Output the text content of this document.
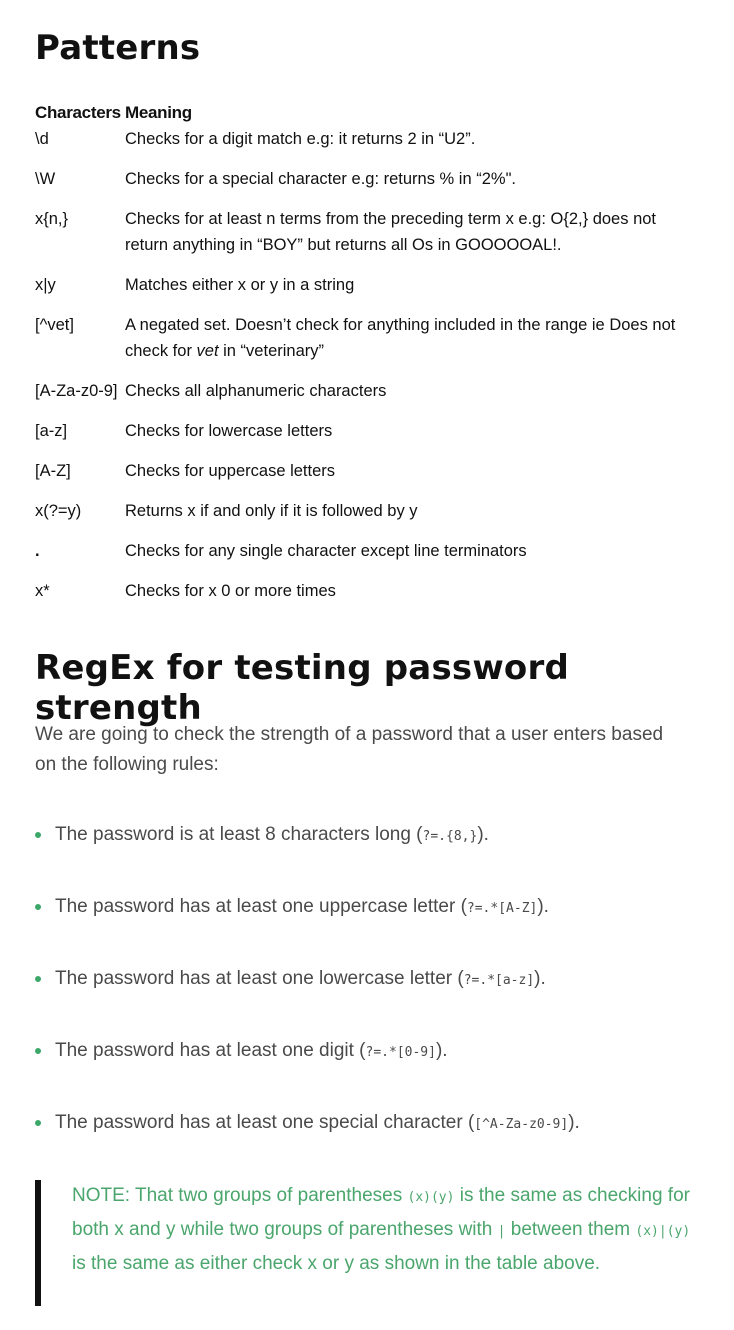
Patterns
Characters	Meaning
\d	Checks for a digit match e.g: it returns 2 in “U2”.
\W	Checks for a special character e.g: returns % in “2%".
x{n,}	Checks for at least n terms from the preceding term x e.g: O{2,} does not return anything in “BOY” but returns all Os in GOOOOOAL!.
x|y	Matches either x or y in a string
[^vet]	A negated set. Doesn’t check for anything included in the range ie Does not check for vet in “veterinary”
[A-Za-z0-9]	Checks all alphanumeric characters
[a-z]	Checks for lowercase letters
[A-Z]	Checks for uppercase letters
x(?=y)	Returns x if and only if it is followed by y
.	Checks for any single character except line terminators
x*	Checks for x 0 or more times
RegEx for testing password strength

We are going to check the strength of a password that a user enters based on the following rules:

The password is at least 8 characters long (?=.{8,}).
The password has at least one uppercase letter (?=.*[A-Z]).
The password has at least one lowercase letter (?=.*[a-z]).
The password has at least one digit (?=.*[0-9]).
The password has at least one special character ([^A-Za-z0-9]).
NOTE: That two groups of parentheses (x)(y) is the same as checking for both x and y while two groups of parentheses with | between them (x)|(y) is the same as either check x or y as shown in the table above.
